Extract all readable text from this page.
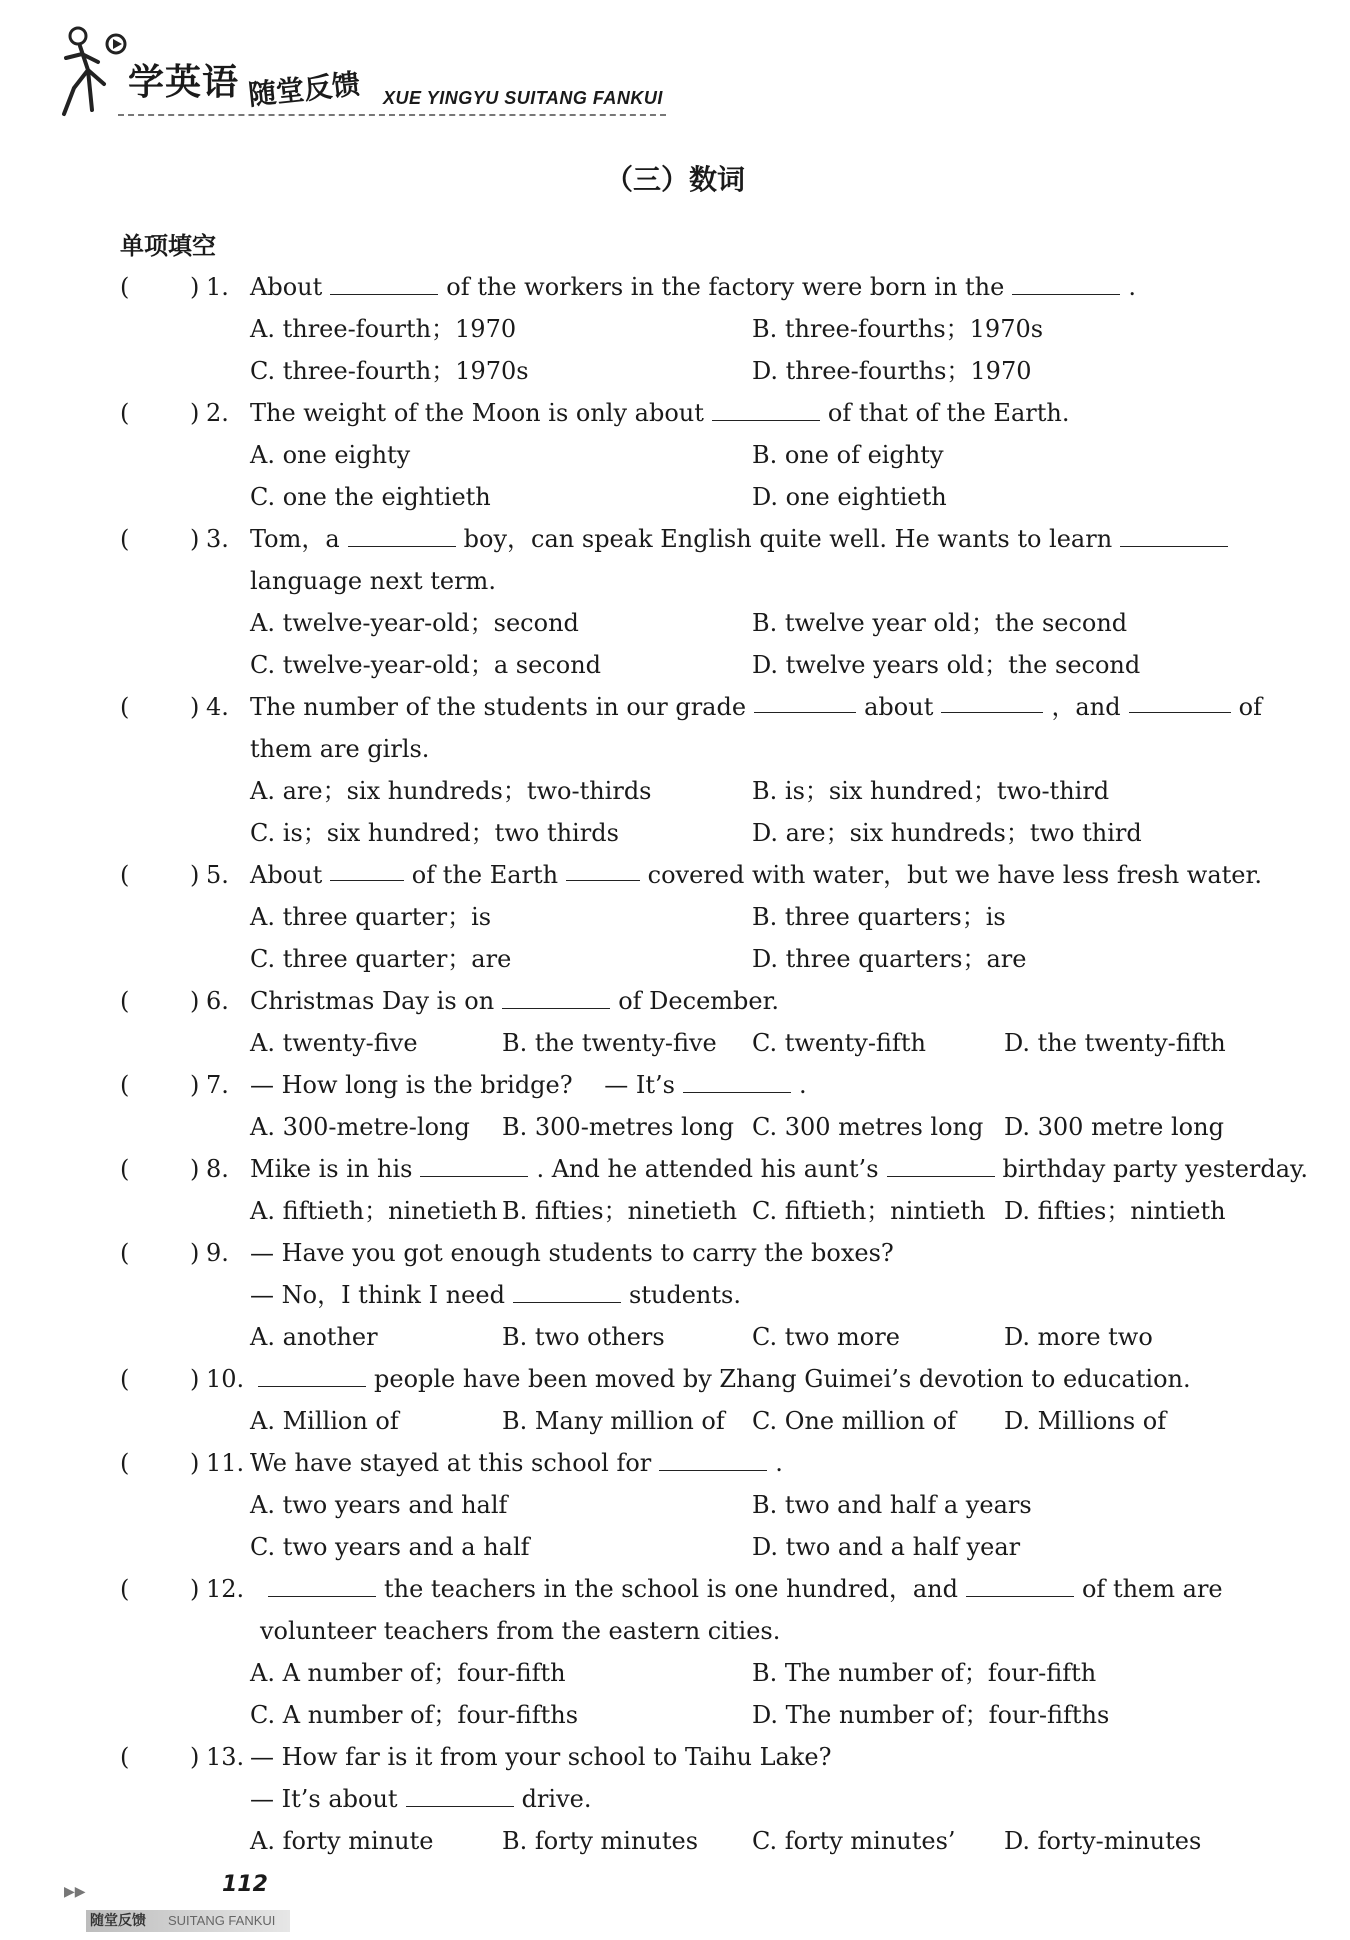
学英语 随堂反馈 XUE YINGYU SUITANG FANKUI
（三）数词
单项填空
(	) 1. About	of the workers in the factory were born in the	.
A. three-fourth；1970	B. three-fourths；1970s
C. three-fourth；1970s	D. three-fourths；1970
(	) 2. The weight of the Moon is only about	of that of the Earth.
A. one eighty	B. one of eighty
C. one the eightieth	D. one eightieth
(	) 3. Tom，a	boy，can speak English quite well. He wants to learn
language next term.
A. twelve-year-old；second	B. twelve year old；the second
C. twelve-year-old；a second	D. twelve years old；the second
(	) 4. The number of the students in our grade	about	，and	of
them are girls.
A. are；six hundreds；two-thirds	B. is；six hundred；two-third
C. is；six hundred；two thirds	D. are；six hundreds；two third
(	) 5. About	of the Earth	covered with water，but we have less fresh water.
A. three quarter；is	B. three quarters；is
C. three quarter；are	D. three quarters；are
(	) 6. Christmas Day is on	of December.
A. twenty-five	B. the twenty-five C. twenty-fifth	D. the twenty-fifth
(	) 7. — How long is the bridge?　 — It’s	.
A. 300-metre-long B. 300-metres long C. 300 metres long D. 300 metre long
(	) 8. Mike is in his	. And he attended his aunt’s	birthday party yesterday.
A. fiftieth；ninetieth B. fifties；ninetieth C. fiftieth；nintieth D. fifties；nintieth
(	) 9. — Have you got enough students to carry the boxes?
— No，I think I need	students.
A. another	B. two others	C. two more	D. more two
(	) 10.	people have been moved by Zhang Guimei’s devotion to education.
A. Million of	B. Many million of C. One million of D. Millions of
(	) 11. We have stayed at this school for	.
A. two years and half	B. two and half a years
C. two years and a half	D. two and a half year
(	) 12.	the teachers in the school is one hundred，and	of them are
volunteer teachers from the eastern cities.
A. A number of；four-fifth	B. The number of；four-fifth
C. A number of；four-fifths	D. The number of；four-fifths
(	) 13. — How far is it from your school to Taihu Lake?
— It’s about	drive.
A. forty minute	B. forty minutes C. forty minutes’ D. forty-minutes
▶▶	112
随堂反馈 SUITANG FANKUI
